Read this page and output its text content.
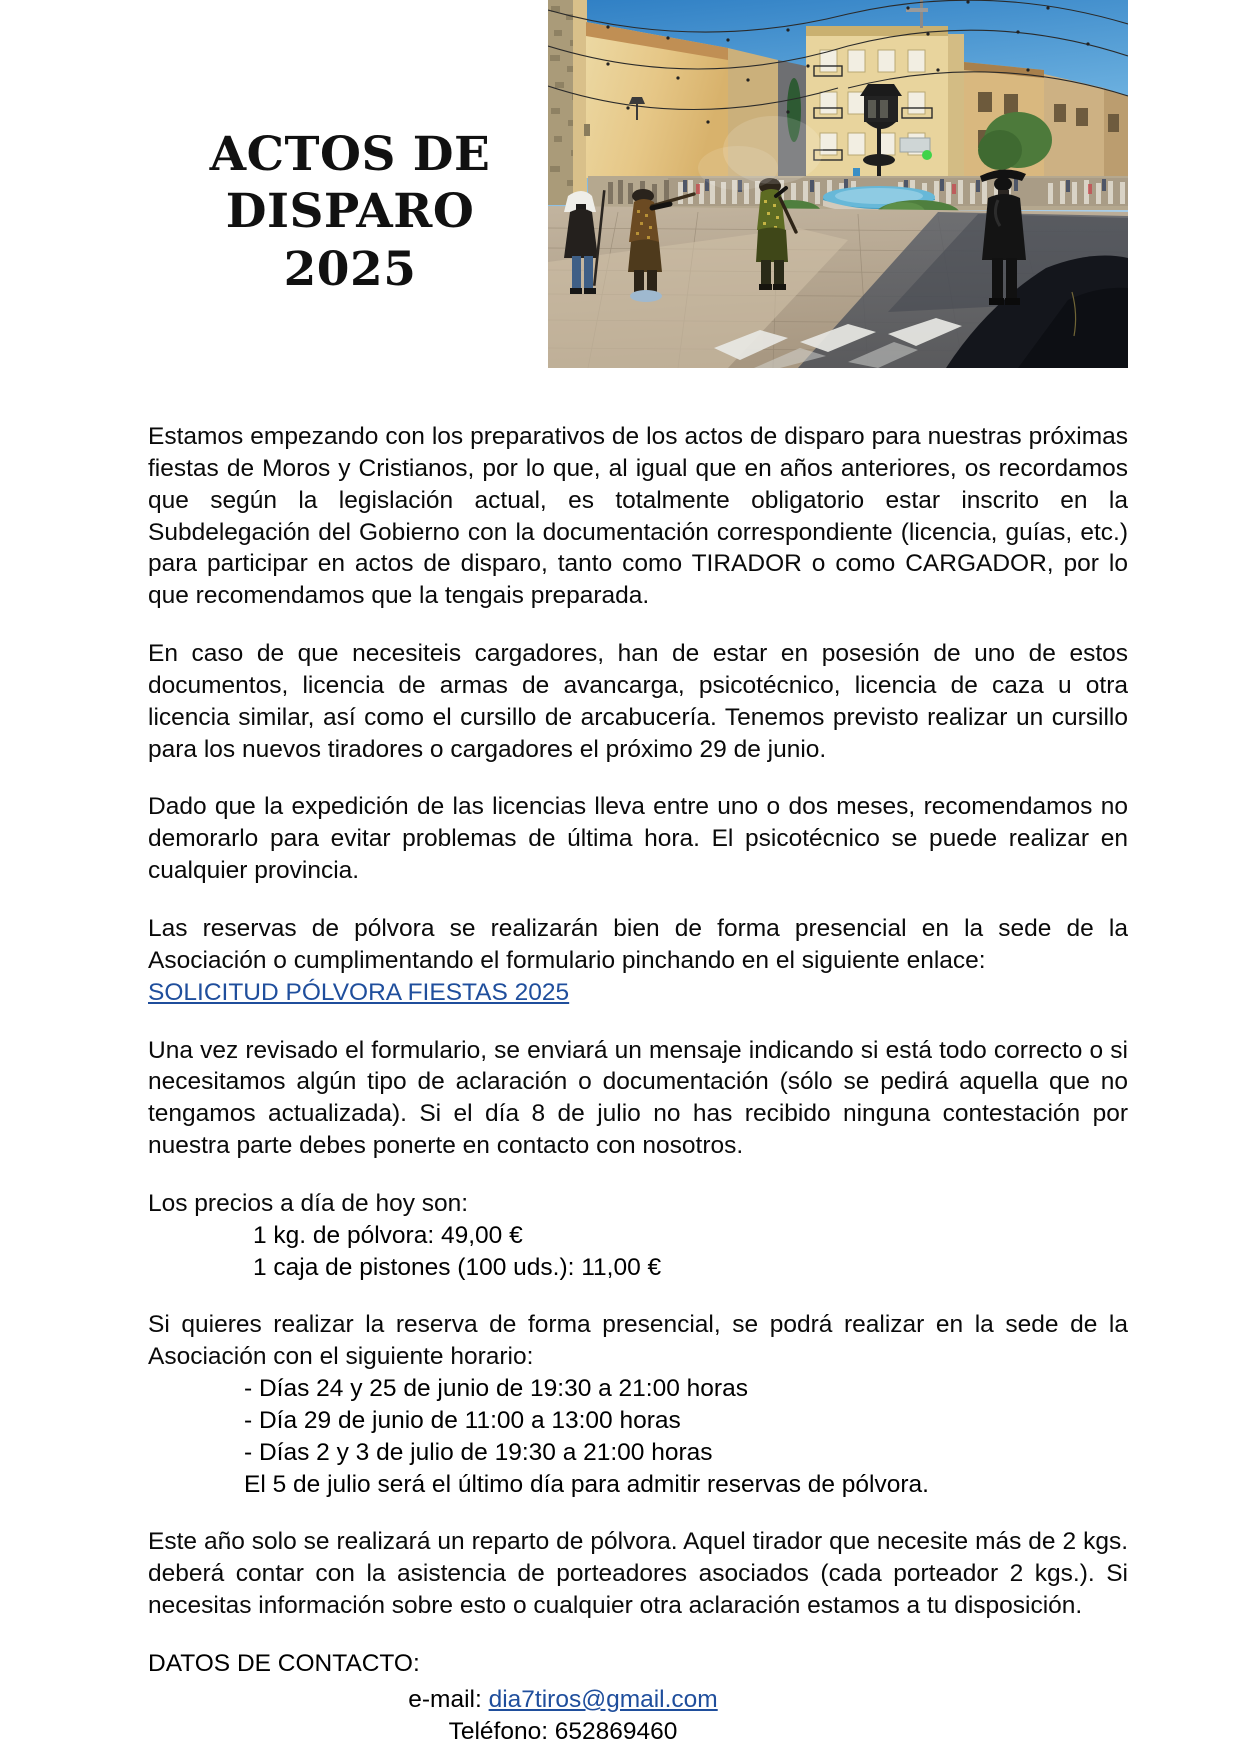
ACTOS DE
DISPARO
2025

Estamos empezando con los preparativos de los actos de disparo para nuestras próximas fiestas de Moros y Cristianos, por lo que, al igual que en años anteriores, os recordamos que según la legislación actual, es totalmente obligatorio estar inscrito en la Subdelegación del Gobierno con la documentación correspondiente (licencia, guías, etc.) para participar en actos de disparo, tanto como TIRADOR o como CARGADOR, por lo que recomendamos que la tengais preparada.

En caso de que necesiteis cargadores, han de estar en posesión de uno de estos documentos, licencia de armas de avancarga, psicotécnico, licencia de caza u otra licencia similar, así como el cursillo de arcabucería. Tenemos previsto realizar un cursillo para los nuevos tiradores o cargadores el próximo 29 de junio.

Dado que la expedición de las licencias lleva entre uno o dos meses, recomendamos no demorarlo para evitar problemas de última hora. El psicotécnico se puede realizar en cualquier provincia.

Las reservas de pólvora se realizarán bien de forma presencial en la sede de la Asociación o cumplimentando el formulario pinchando en el siguiente enlace:

SOLICITUD PÓLVORA FIESTAS 2025

Una vez revisado el formulario, se enviará un mensaje indicando si está todo correcto o si necesitamos algún tipo de aclaración o documentación (sólo se pedirá aquella que no tengamos actualizada). Si el día 8 de julio no has recibido ninguna contestación por nuestra parte debes ponerte en contacto con nosotros.

Los precios a día de hoy son:

1 kg. de pólvora: 49,00 €
1 caja de pistones (100 uds.): 11,00 €

Si quieres realizar la reserva de forma presencial, se podrá realizar en la sede de la Asociación con el siguiente horario:

- Días 24 y 25 de junio de 19:30 a 21:00 horas
- Día 29 de junio de 11:00 a 13:00 horas
- Días 2 y 3 de julio de 19:30 a 21:00 horas
El 5 de julio será el último día para admitir reservas de pólvora.

Este año solo se realizará un reparto de pólvora. Aquel tirador que necesite más de 2 kgs. deberá contar con la asistencia de porteadores asociados (cada porteador 2 kgs.). Si necesitas información sobre esto o cualquier otra aclaración estamos a tu disposición.

DATOS DE CONTACTO:

e-mail: dia7tiros@gmail.com
Teléfono: 652869460
